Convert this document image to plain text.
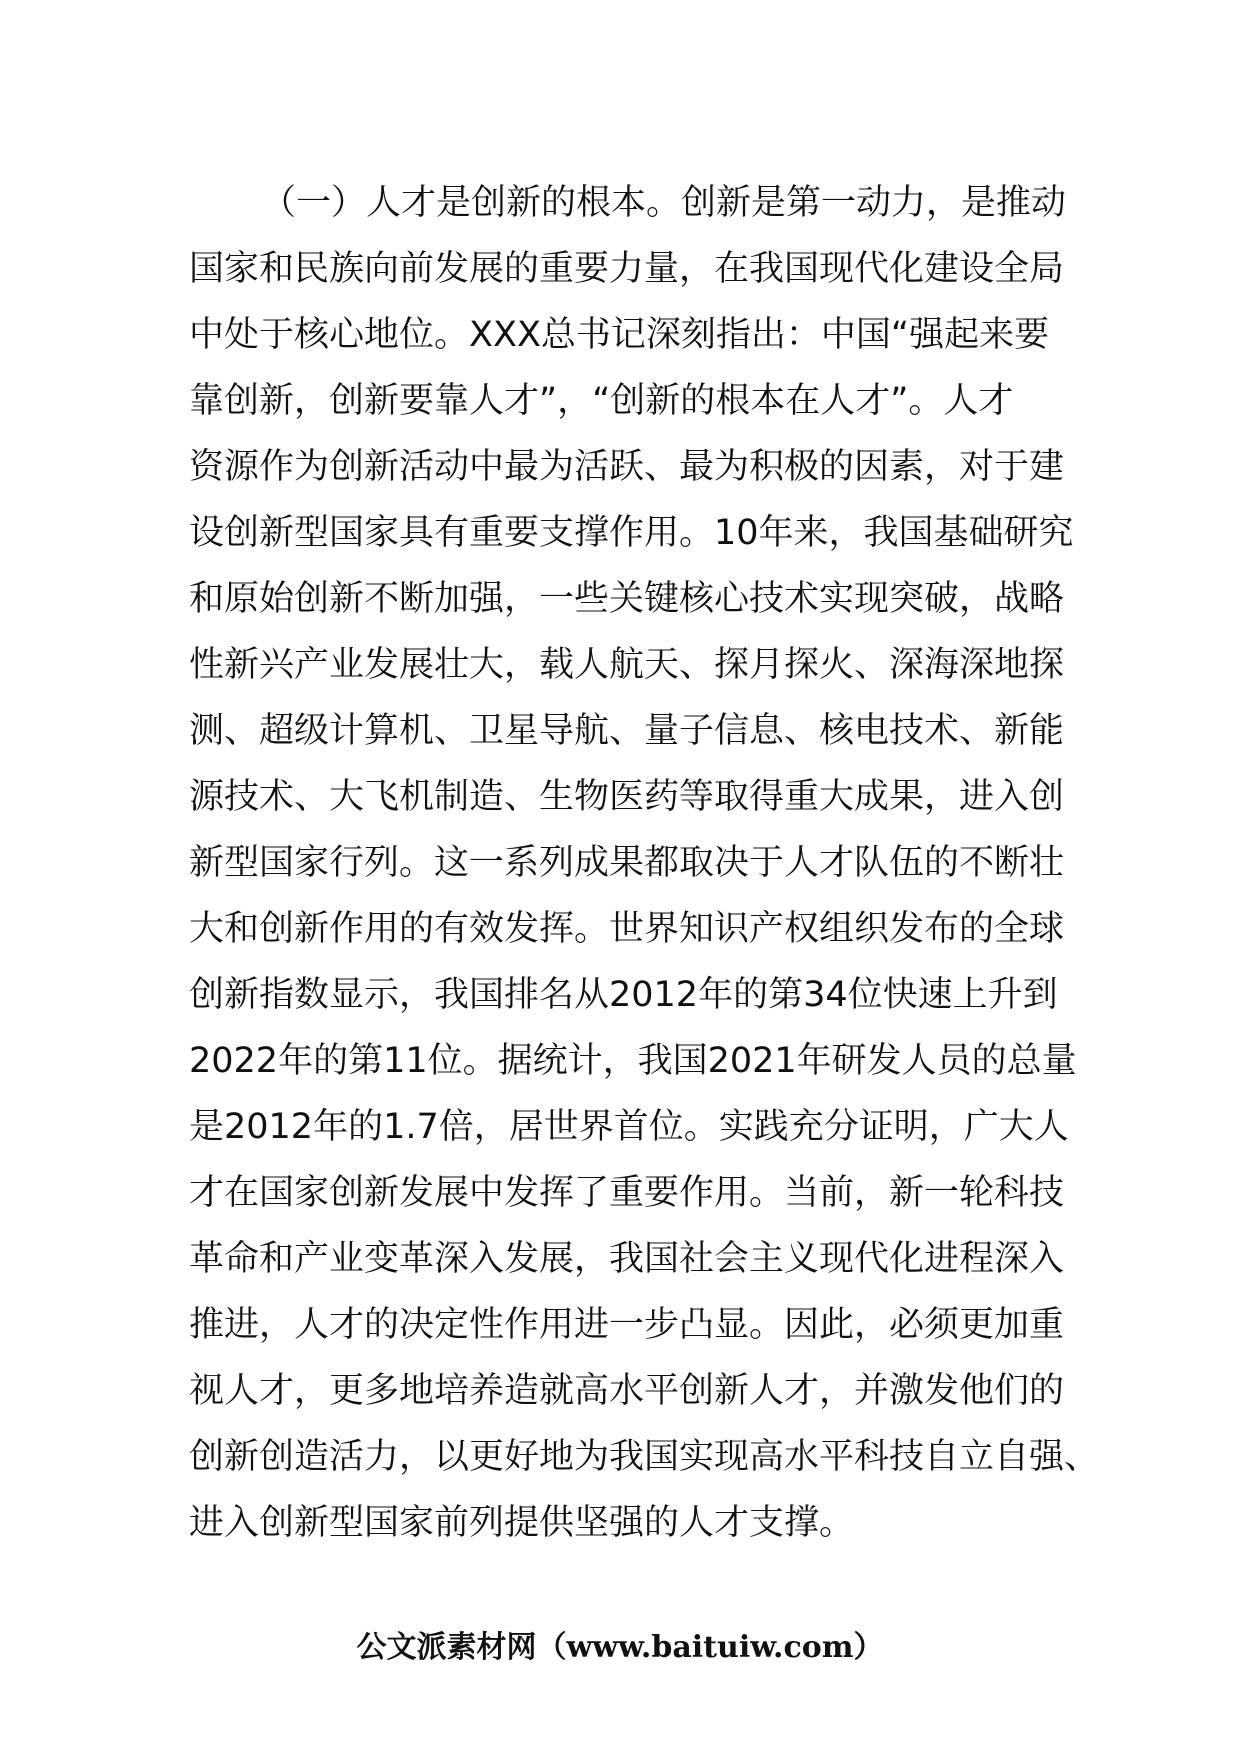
（一）人才是创新的根本。创新是第一动力，是推动
国家和民族向前发展的重要力量，在我国现代化建设全局
中处于核心地位。XXX总书记深刻指出：中国“强起来要
靠创新，创新要靠人才”，“创新的根本在人才”。人才
资源作为创新活动中最为活跃、最为积极的因素，对于建
设创新型国家具有重要支撑作用。10年来，我国基础研究
和原始创新不断加强，一些关键核心技术实现突破，战略
性新兴产业发展壮大，载人航天、探月探火、深海深地探
测、超级计算机、卫星导航、量子信息、核电技术、新能
源技术、大飞机制造、生物医药等取得重大成果，进入创
新型国家行列。这一系列成果都取决于人才队伍的不断壮
大和创新作用的有效发挥。世界知识产权组织发布的全球
创新指数显示，我国排名从2012年的第34位快速上升到
2022年的第11位。据统计，我国2021年研发人员的总量
是2012年的1.7倍，居世界首位。实践充分证明，广大人
才在国家创新发展中发挥了重要作用。当前，新一轮科技
革命和产业变革深入发展，我国社会主义现代化进程深入
推进，人才的决定性作用进一步凸显。因此，必须更加重
视人才，更多地培养造就高水平创新人才，并激发他们的
创新创造活力，以更好地为我国实现高水平科技自立自强、
进入创新型国家前列提供坚强的人才支撑。
公文派素材网（www.baituiw.com）
